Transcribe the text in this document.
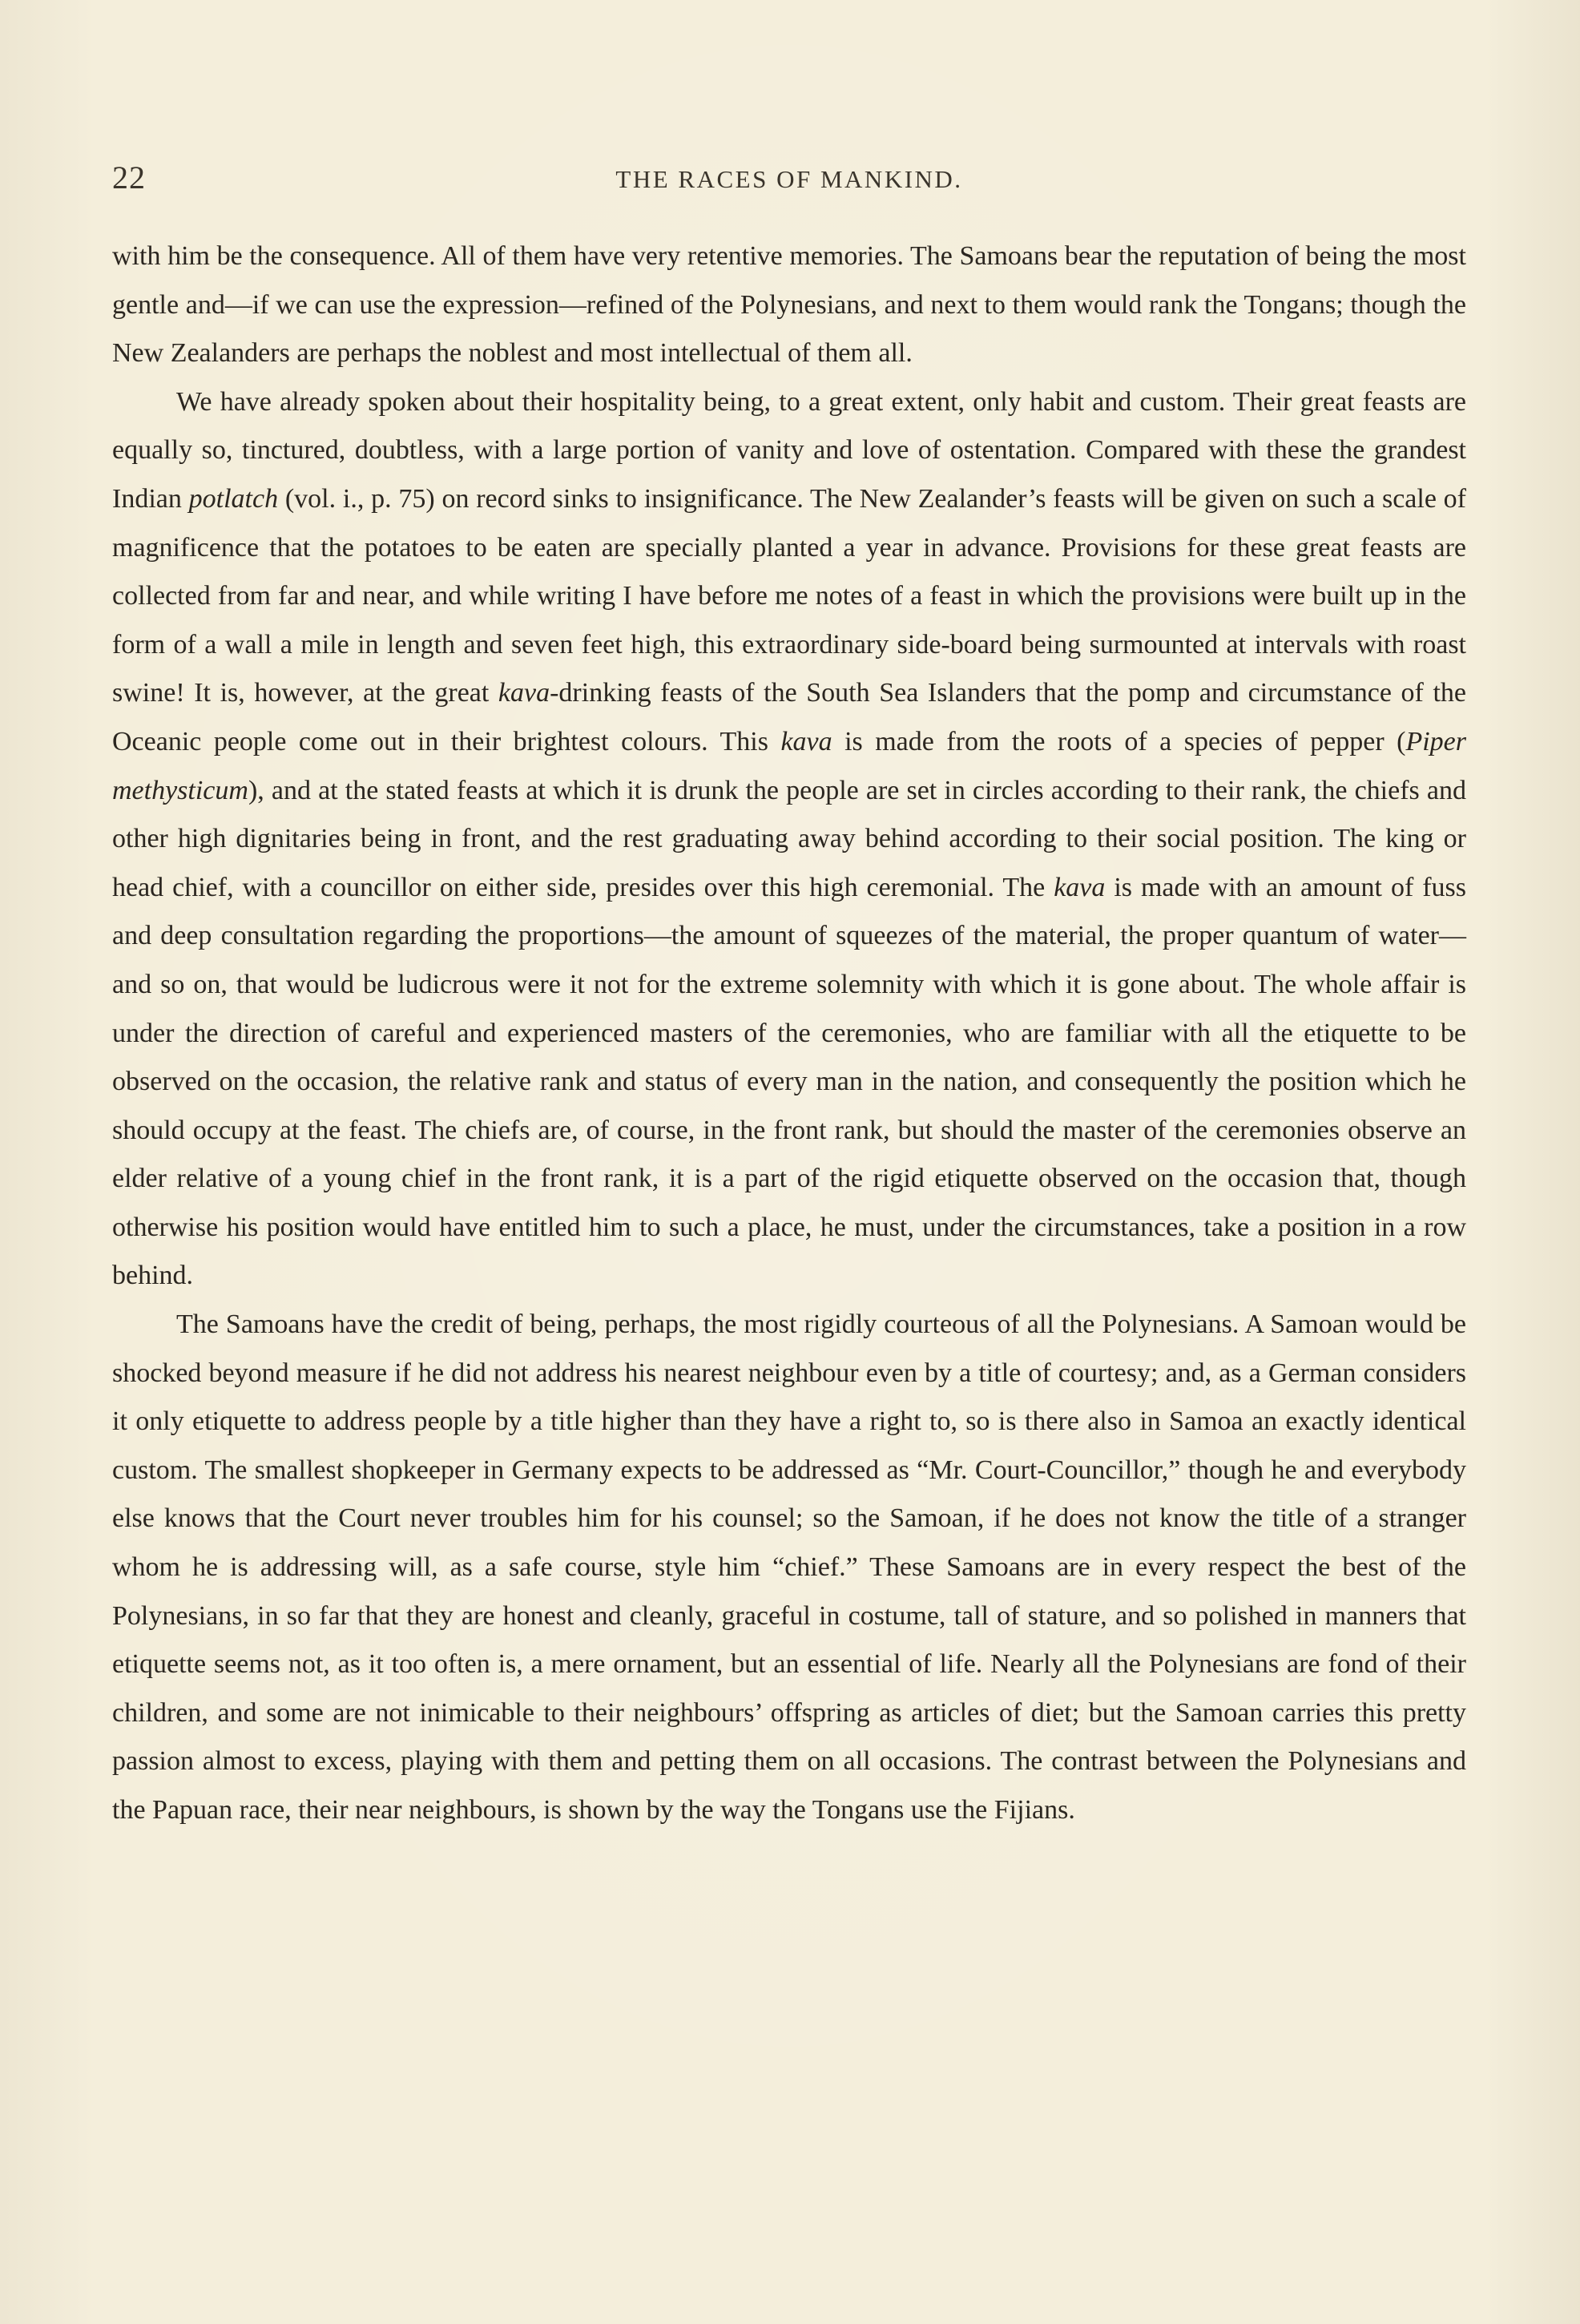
22	THE RACES OF MANKIND.

with him be the consequence. All of them have very retentive memories. The Samoans bear the reputation of being the most gentle and—if we can use the expression—refined of the Polynesians, and next to them would rank the Tongans; though the New Zealanders are perhaps the noblest and most intellectual of them all.

We have already spoken about their hospitality being, to a great extent, only habit and custom. Their great feasts are equally so, tinctured, doubtless, with a large portion of vanity and love of ostentation. Compared with these the grandest Indian potlatch (vol. i., p. 75) on record sinks to insignificance. The New Zealander’s feasts will be given on such a scale of magnificence that the potatoes to be eaten are specially planted a year in advance. Provisions for these great feasts are collected from far and near, and while writing I have before me notes of a feast in which the provisions were built up in the form of a wall a mile in length and seven feet high, this extraordinary side-board being surmounted at intervals with roast swine! It is, however, at the great kava-drinking feasts of the South Sea Islanders that the pomp and circumstance of the Oceanic people come out in their brightest colours. This kava is made from the roots of a species of pepper (Piper methysticum), and at the stated feasts at which it is drunk the people are set in circles according to their rank, the chiefs and other high dignitaries being in front, and the rest graduating away behind according to their social position. The king or head chief, with a councillor on either side, presides over this high ceremonial. The kava is made with an amount of fuss and deep consultation regarding the proportions—the amount of squeezes of the material, the proper quantum of water—and so on, that would be ludicrous were it not for the extreme solemnity with which it is gone about. The whole affair is under the direction of careful and experienced masters of the ceremonies, who are familiar with all the etiquette to be observed on the occasion, the relative rank and status of every man in the nation, and consequently the position which he should occupy at the feast. The chiefs are, of course, in the front rank, but should the master of the ceremonies observe an elder relative of a young chief in the front rank, it is a part of the rigid etiquette observed on the occasion that, though otherwise his position would have entitled him to such a place, he must, under the circumstances, take a position in a row behind.

The Samoans have the credit of being, perhaps, the most rigidly courteous of all the Polynesians. A Samoan would be shocked beyond measure if he did not address his nearest neighbour even by a title of courtesy; and, as a German considers it only etiquette to address people by a title higher than they have a right to, so is there also in Samoa an exactly identical custom. The smallest shopkeeper in Germany expects to be addressed as “Mr. Court-Councillor,” though he and everybody else knows that the Court never troubles him for his counsel; so the Samoan, if he does not know the title of a stranger whom he is addressing will, as a safe course, style him “chief.” These Samoans are in every respect the best of the Polynesians, in so far that they are honest and cleanly, graceful in costume, tall of stature, and so polished in manners that etiquette seems not, as it too often is, a mere ornament, but an essential of life. Nearly all the Polynesians are fond of their children, and some are not inimicable to their neighbours’ offspring as articles of diet; but the Samoan carries this pretty passion almost to excess, playing with them and petting them on all occasions. The contrast between the Polynesians and the Papuan race, their near neighbours, is shown by the way the Tongans use the Fijians.
